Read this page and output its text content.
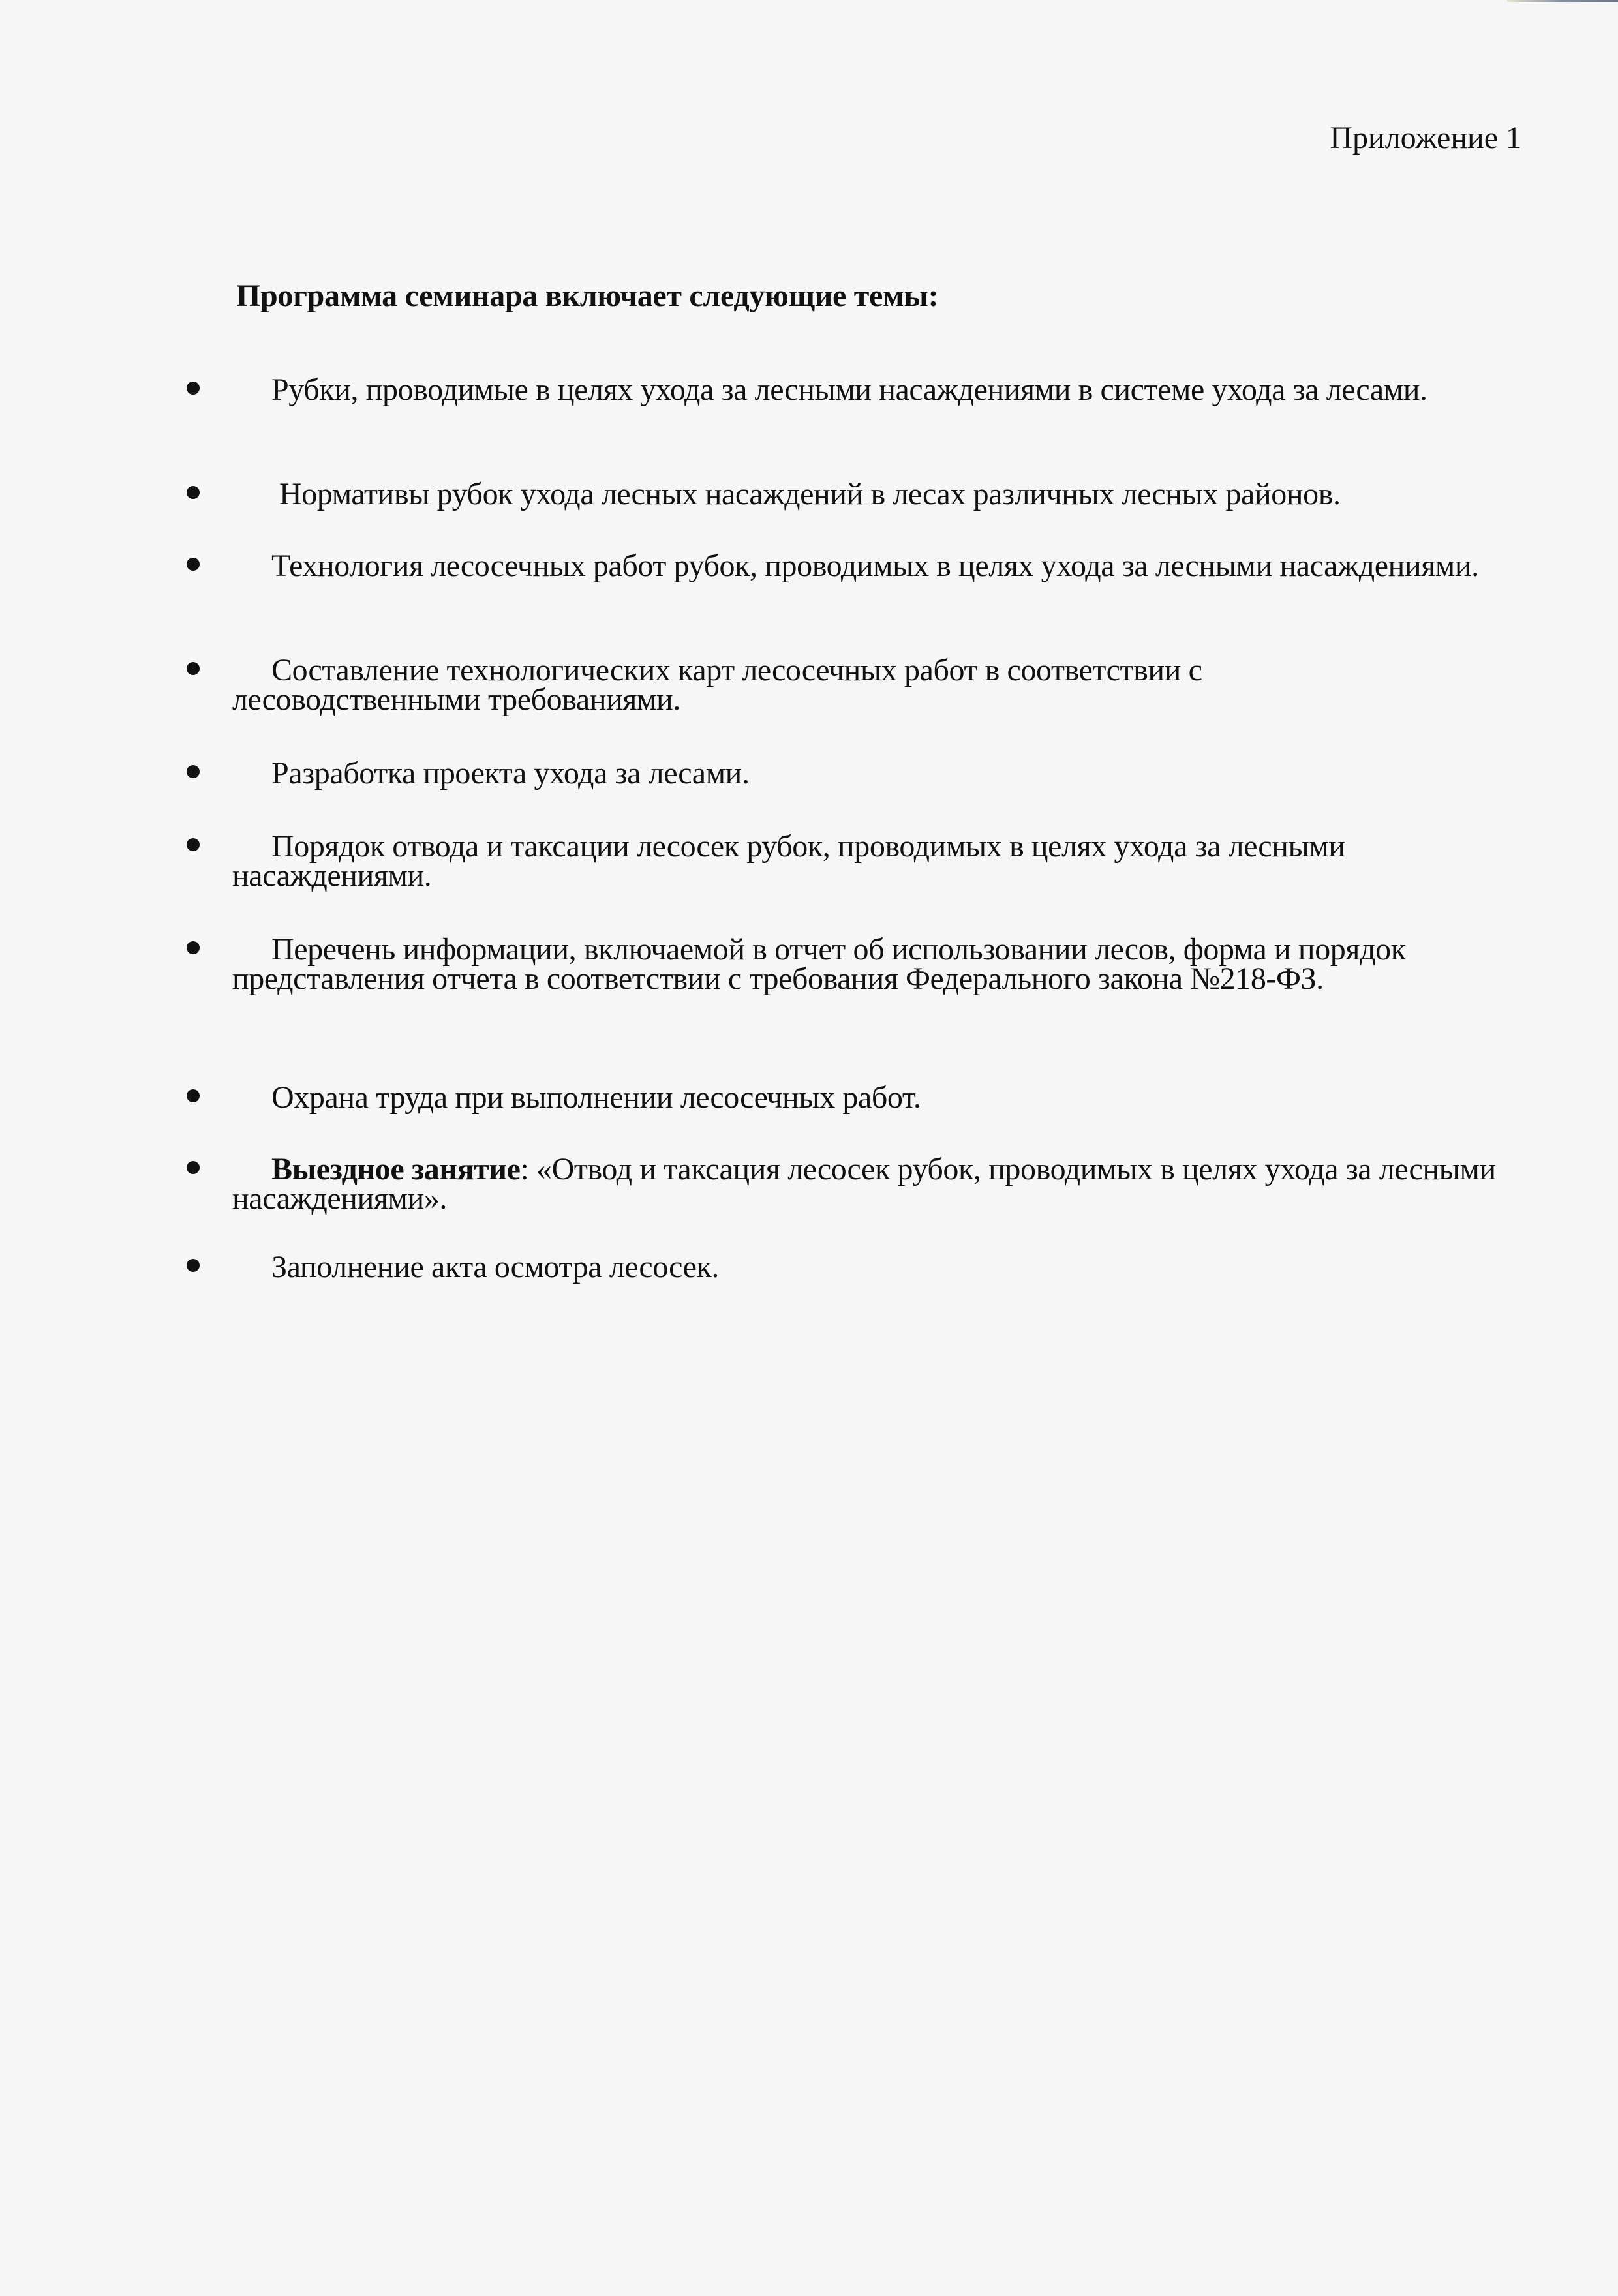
Приложение 1
Программа семинара включает следующие темы:
Рубки, проводимые в целях ухода за лесными насаждениями в системе ухода за лесами.
Нормативы рубок ухода лесных насаждений в лесах различных лесных районов.
Технология лесосечных работ рубок, проводимых в целях ухода за лесными насаждениями.
Составление технологических карт лесосечных работ в соответствии с лесоводственными требованиями.
Разработка проекта ухода за лесами.
Порядок отвода и таксации лесосек рубок, проводимых в целях ухода за лесными насаждениями.
Перечень информации, включаемой в отчет об использовании лесов, форма и порядок представления отчета в соответствии с требования Федерального закона №218-ФЗ.
Охрана труда при выполнении лесосечных работ.
Выездное занятие: «Отвод и таксация лесосек рубок, проводимых в целях ухода за лесными насаждениями».
Заполнение акта осмотра лесосек.
